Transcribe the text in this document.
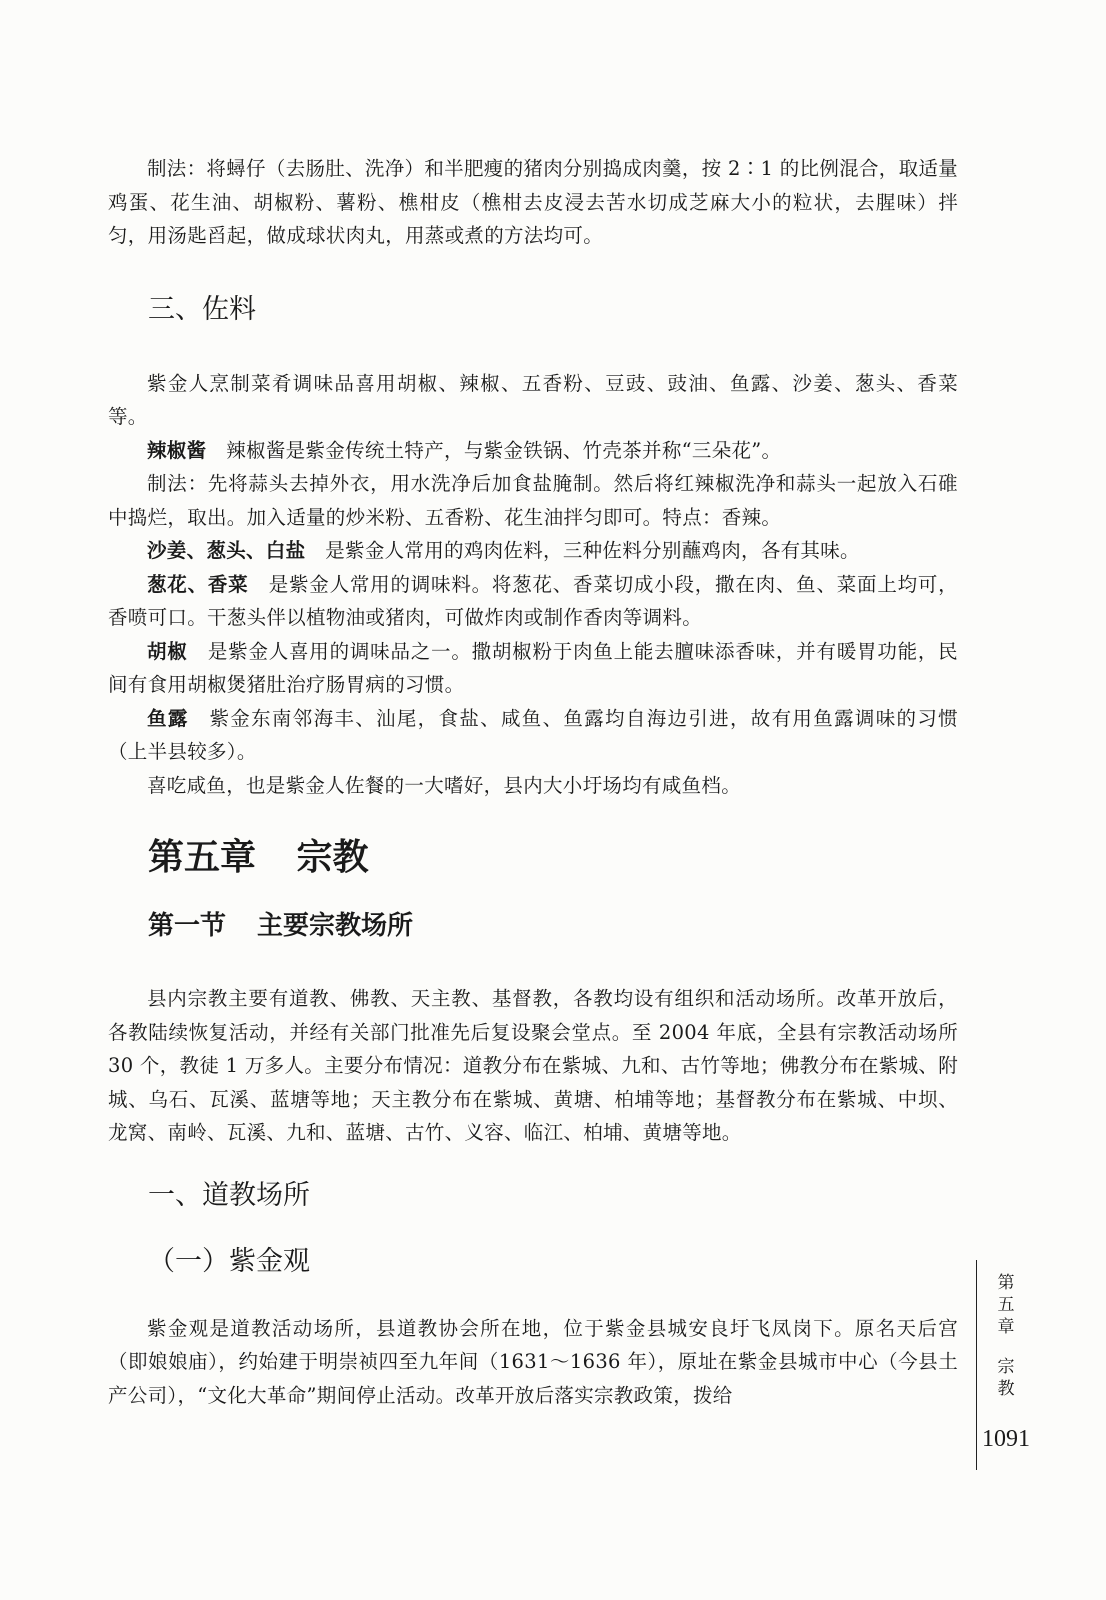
制法：将蟳仔（去肠肚、洗净）和半肥瘦的猪肉分别捣成肉羹，按 2∶1 的比例混合，取适量鸡蛋、花生油、胡椒粉、薯粉、樵柑皮（樵柑去皮浸去苦水切成芝麻大小的粒状，去腥味）拌匀，用汤匙舀起，做成球状肉丸，用蒸或煮的方法均可。

三、佐料

紫金人烹制菜肴调味品喜用胡椒、辣椒、五香粉、豆豉、豉油、鱼露、沙姜、葱头、香菜等。

辣椒酱  辣椒酱是紫金传统土特产，与紫金铁锅、竹壳茶并称“三朵花”。

制法：先将蒜头去掉外衣，用水洗净后加食盐腌制。然后将红辣椒洗净和蒜头一起放入石碓中捣烂，取出。加入适量的炒米粉、五香粉、花生油拌匀即可。特点：香辣。

沙姜、葱头、白盐  是紫金人常用的鸡肉佐料，三种佐料分别蘸鸡肉，各有其味。

葱花、香菜  是紫金人常用的调味料。将葱花、香菜切成小段，撒在肉、鱼、菜面上均可，香喷可口。干葱头伴以植物油或猪肉，可做炸肉或制作香肉等调料。

胡椒  是紫金人喜用的调味品之一。撒胡椒粉于肉鱼上能去膻味添香味，并有暖胃功能，民间有食用胡椒煲猪肚治疗肠胃病的习惯。

鱼露  紫金东南邻海丰、汕尾，食盐、咸鱼、鱼露均自海边引进，故有用鱼露调味的习惯（上半县较多）。

喜吃咸鱼，也是紫金人佐餐的一大嗜好，县内大小圩场均有咸鱼档。

第五章 宗教
第一节 主要宗教场所

县内宗教主要有道教、佛教、天主教、基督教，各教均设有组织和活动场所。改革开放后，各教陆续恢复活动，并经有关部门批准先后复设聚会堂点。至 2004 年底，全县有宗教活动场所 30 个，教徒 1 万多人。主要分布情况：道教分布在紫城、九和、古竹等地；佛教分布在紫城、附城、乌石、瓦溪、蓝塘等地；天主教分布在紫城、黄塘、柏埔等地；基督教分布在紫城、中坝、龙窝、南岭、瓦溪、九和、蓝塘、古竹、义容、临江、柏埔、黄塘等地。

一、道教场所
（一）紫金观

紫金观是道教活动场所，县道教协会所在地，位于紫金县城安良圩飞凤岗下。原名天后宫（即娘娘庙），约始建于明崇祯四至九年间（1631～1636 年），原址在紫金县城市中心（今县土产公司），“文化大革命”期间停止活动。改革开放后落实宗教政策，拨给

第
五
章
宗
教
1091
